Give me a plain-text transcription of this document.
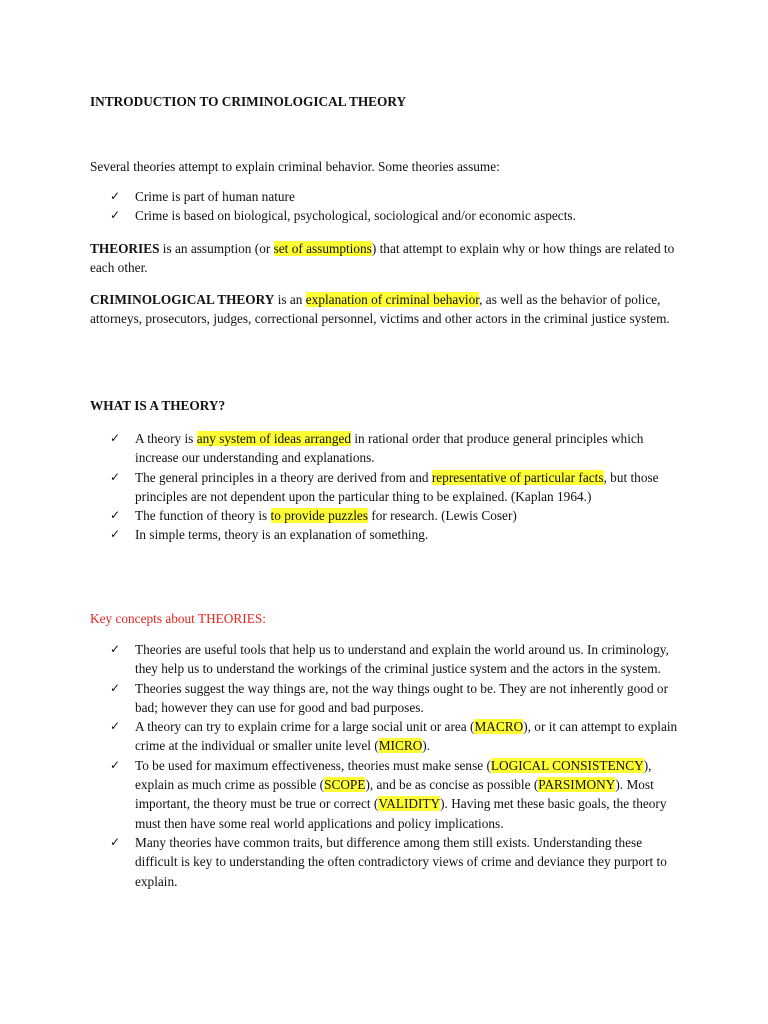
INTRODUCTION TO CRIMINOLOGICAL THEORY

Several theories attempt to explain criminal behavior. Some theories assume:

✓ Crime is part of human nature
✓ Crime is based on biological, psychological, sociological and/or economic aspects.

THEORIES is an assumption (or set of assumptions) that attempt to explain why or how things are related to each other.

CRIMINOLOGICAL THEORY is an explanation of criminal behavior, as well as the behavior of police, attorneys, prosecutors, judges, correctional personnel, victims and other actors in the criminal justice system.

WHAT IS A THEORY?

✓ A theory is any system of ideas arranged in rational order that produce general principles which increase our understanding and explanations.
✓ The general principles in a theory are derived from and representative of particular facts, but those principles are not dependent upon the particular thing to be explained. (Kaplan 1964.)
✓ The function of theory is to provide puzzles for research. (Lewis Coser)
✓ In simple terms, theory is an explanation of something.

Key concepts about THEORIES:

✓ Theories are useful tools that help us to understand and explain the world around us. In criminology, they help us to understand the workings of the criminal justice system and the actors in the system.
✓ Theories suggest the way things are, not the way things ought to be. They are not inherently good or bad; however they can use for good and bad purposes.
✓ A theory can try to explain crime for a large social unit or area (MACRO), or it can attempt to explain crime at the individual or smaller unite level (MICRO).
✓ To be used for maximum effectiveness, theories must make sense (LOGICAL CONSISTENCY), explain as much crime as possible (SCOPE), and be as concise as possible (PARSIMONY). Most important, the theory must be true or correct (VALIDITY). Having met these basic goals, the theory must then have some real world applications and policy implications.
✓ Many theories have common traits, but difference among them still exists. Understanding these difficult is key to understanding the often contradictory views of crime and deviance they purport to explain.
